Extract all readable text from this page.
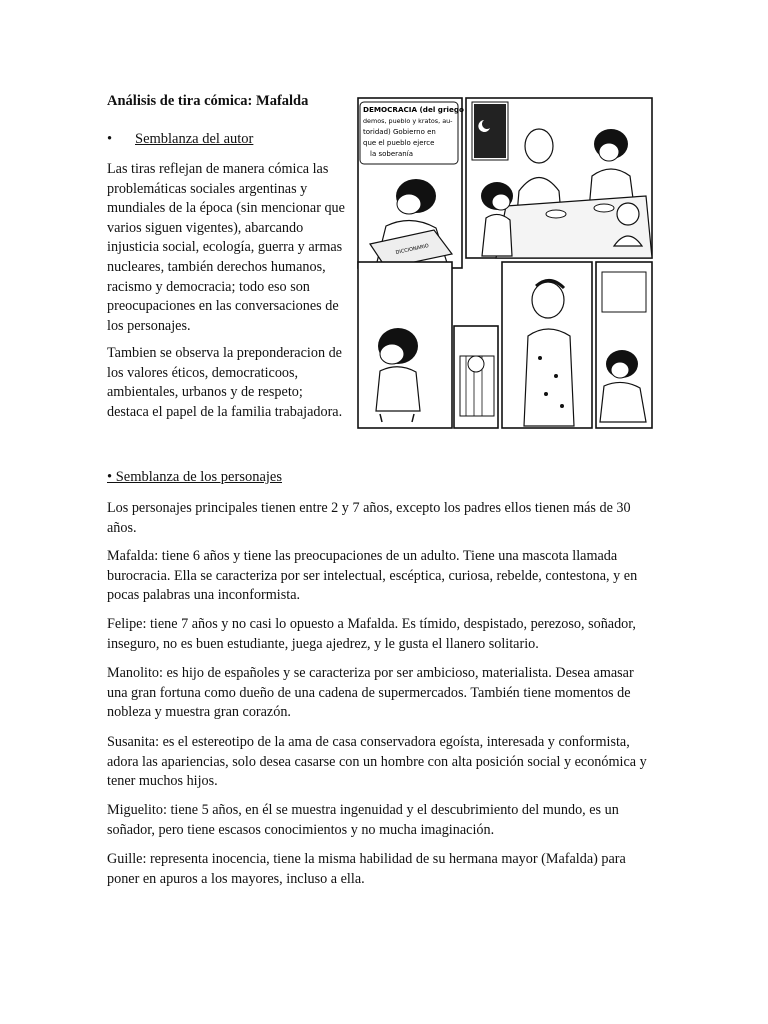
Análisis de tira cómica: Mafalda
• Semblanza del autor

Las tiras reflejan de manera cómica las problemáticas sociales argentinas y mundiales de la época (sin mencionar que varios siguen vigentes), abarcando injusticia social, ecología, guerra y armas nucleares, también derechos humanos, racismo y democracia; todo eso son preocupaciones en las conversaciones de los personajes.

Tambien se observa la preponderacion de los valores éticos, democraticoos, ambientales, urbanos y de respeto; destaca el papel de la familia trabajadora.

• Semblanza de los personajes

Los personajes principales tienen entre 2 y 7 años, excepto los padres ellos tienen más de 30 años.

Mafalda: tiene 6 años y tiene las preocupaciones de un adulto. Tiene una mascota llamada burocracia. Ella se caracteriza por ser intelectual, escéptica, curiosa, rebelde, contestona, y en pocas palabras una inconformista.

Felipe: tiene 7 años y no casi lo opuesto a Mafalda. Es tímido, despistado, perezoso, soñador, inseguro, no es buen estudiante, juega ajedrez, y le gusta el llanero solitario.

Manolito: es hijo de españoles y se caracteriza por ser ambicioso, materialista. Desea amasar una gran fortuna como dueño de una cadena de supermercados. También tiene momentos de nobleza y muestra gran corazón.

Susanita: es el estereotipo de la ama de casa conservadora egoísta, interesada y conformista, adora las apariencias, solo desea casarse con un hombre con alta posición social y económica y tener muchos hijos.

Miguelito: tiene 5 años, en él se muestra ingenuidad y el descubrimiento del mundo, es un soñador, pero tiene escasos conocimientos y no mucha imaginación.

Guille: representa inocencia, tiene la misma habilidad de su hermana mayor (Mafalda) para poner en apuros a los mayores, incluso a ella.

DEMOCRACIA (del griego
demos, pueblo y kratos, au-
toridad) Gobierno en
que el pueblo ejerce
la soberanía
DICCIONARIO
